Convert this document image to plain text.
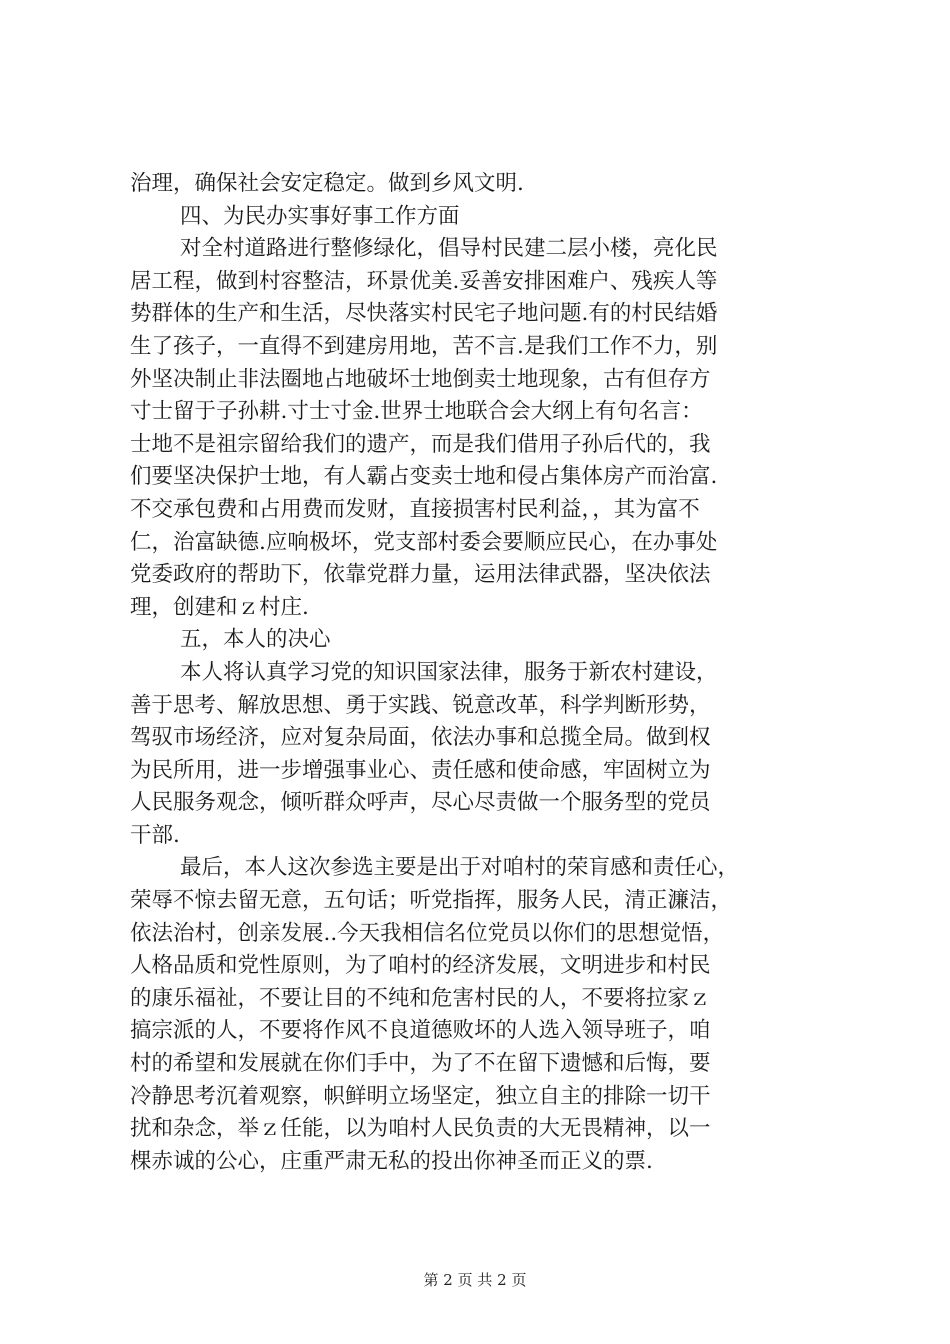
治理，确保社会安定稳定。做到乡风文明.
四、为民办实事好事工作方面
对全村道路进行整修绿化，倡导村民建二层小楼，亮化民
居工程，做到村容整洁，环景优美.妥善安排困难户、残疾人等
势群体的生产和生活，尽快落实村民宅子地问题.有的村民结婚
生了孩子，一直得不到建房用地，苦不言.是我们工作不力，别
外坚决制止非法圈地占地破坏士地倒卖士地现象，古有但存方
寸士留于子孙耕.寸士寸金.世界士地联合会大纲上有句名言：
士地不是祖宗留给我们的遗产，而是我们借用子孙后代的，我
们要坚决保护士地，有人霸占变卖士地和侵占集体房产而治富.
不交承包费和占用费而发财，直接损害村民利益，，其为富不
仁，治富缺德.应响极坏，党支部村委会要顺应民心，在办事处
党委政府的帮助下，依靠党群力量，运用法律武器，坚决依法
理，创建和ｚ村庄.
五，本人的决心
本人将认真学习党的知识国家法律，服务于新农村建设，
善于思考、解放思想、勇于实践、锐意改革，科学判断形势，
驾驭市场经济，应对复杂局面，依法办事和总揽全局。做到权
为民所用，进一步增强事业心、责任感和使命感，牢固树立为
人民服务观念，倾听群众呼声，尽心尽责做一个服务型的党员
干部.
最后，本人这次参选主要是出于对咱村的荣肓感和责任心，
荣辱不惊去留无意，五句话；听党指挥，服务人民，清正濂洁，
依法治村，创亲发展..今天我相信名位党员以你们的思想觉悟，
人格品质和党性原则，为了咱村的经济发展，文明进步和村民
的康乐福祉，不要让目的不纯和危害村民的人，不要将拉家ｚ
搞宗派的人，不要将作风不良道德败坏的人选入领导班子，咱
村的希望和发展就在你们手中，为了不在留下遗憾和后悔，要
冷静思考沉着观察，帜鲜明立场坚定，独立自主的排除一切干
扰和杂念，举ｚ任能，以为咱村人民负责的大无畏精神，以一
棵赤诚的公心，庄重严肃无私的投出你神圣而正义的票.
第 2 页 共 2 页
